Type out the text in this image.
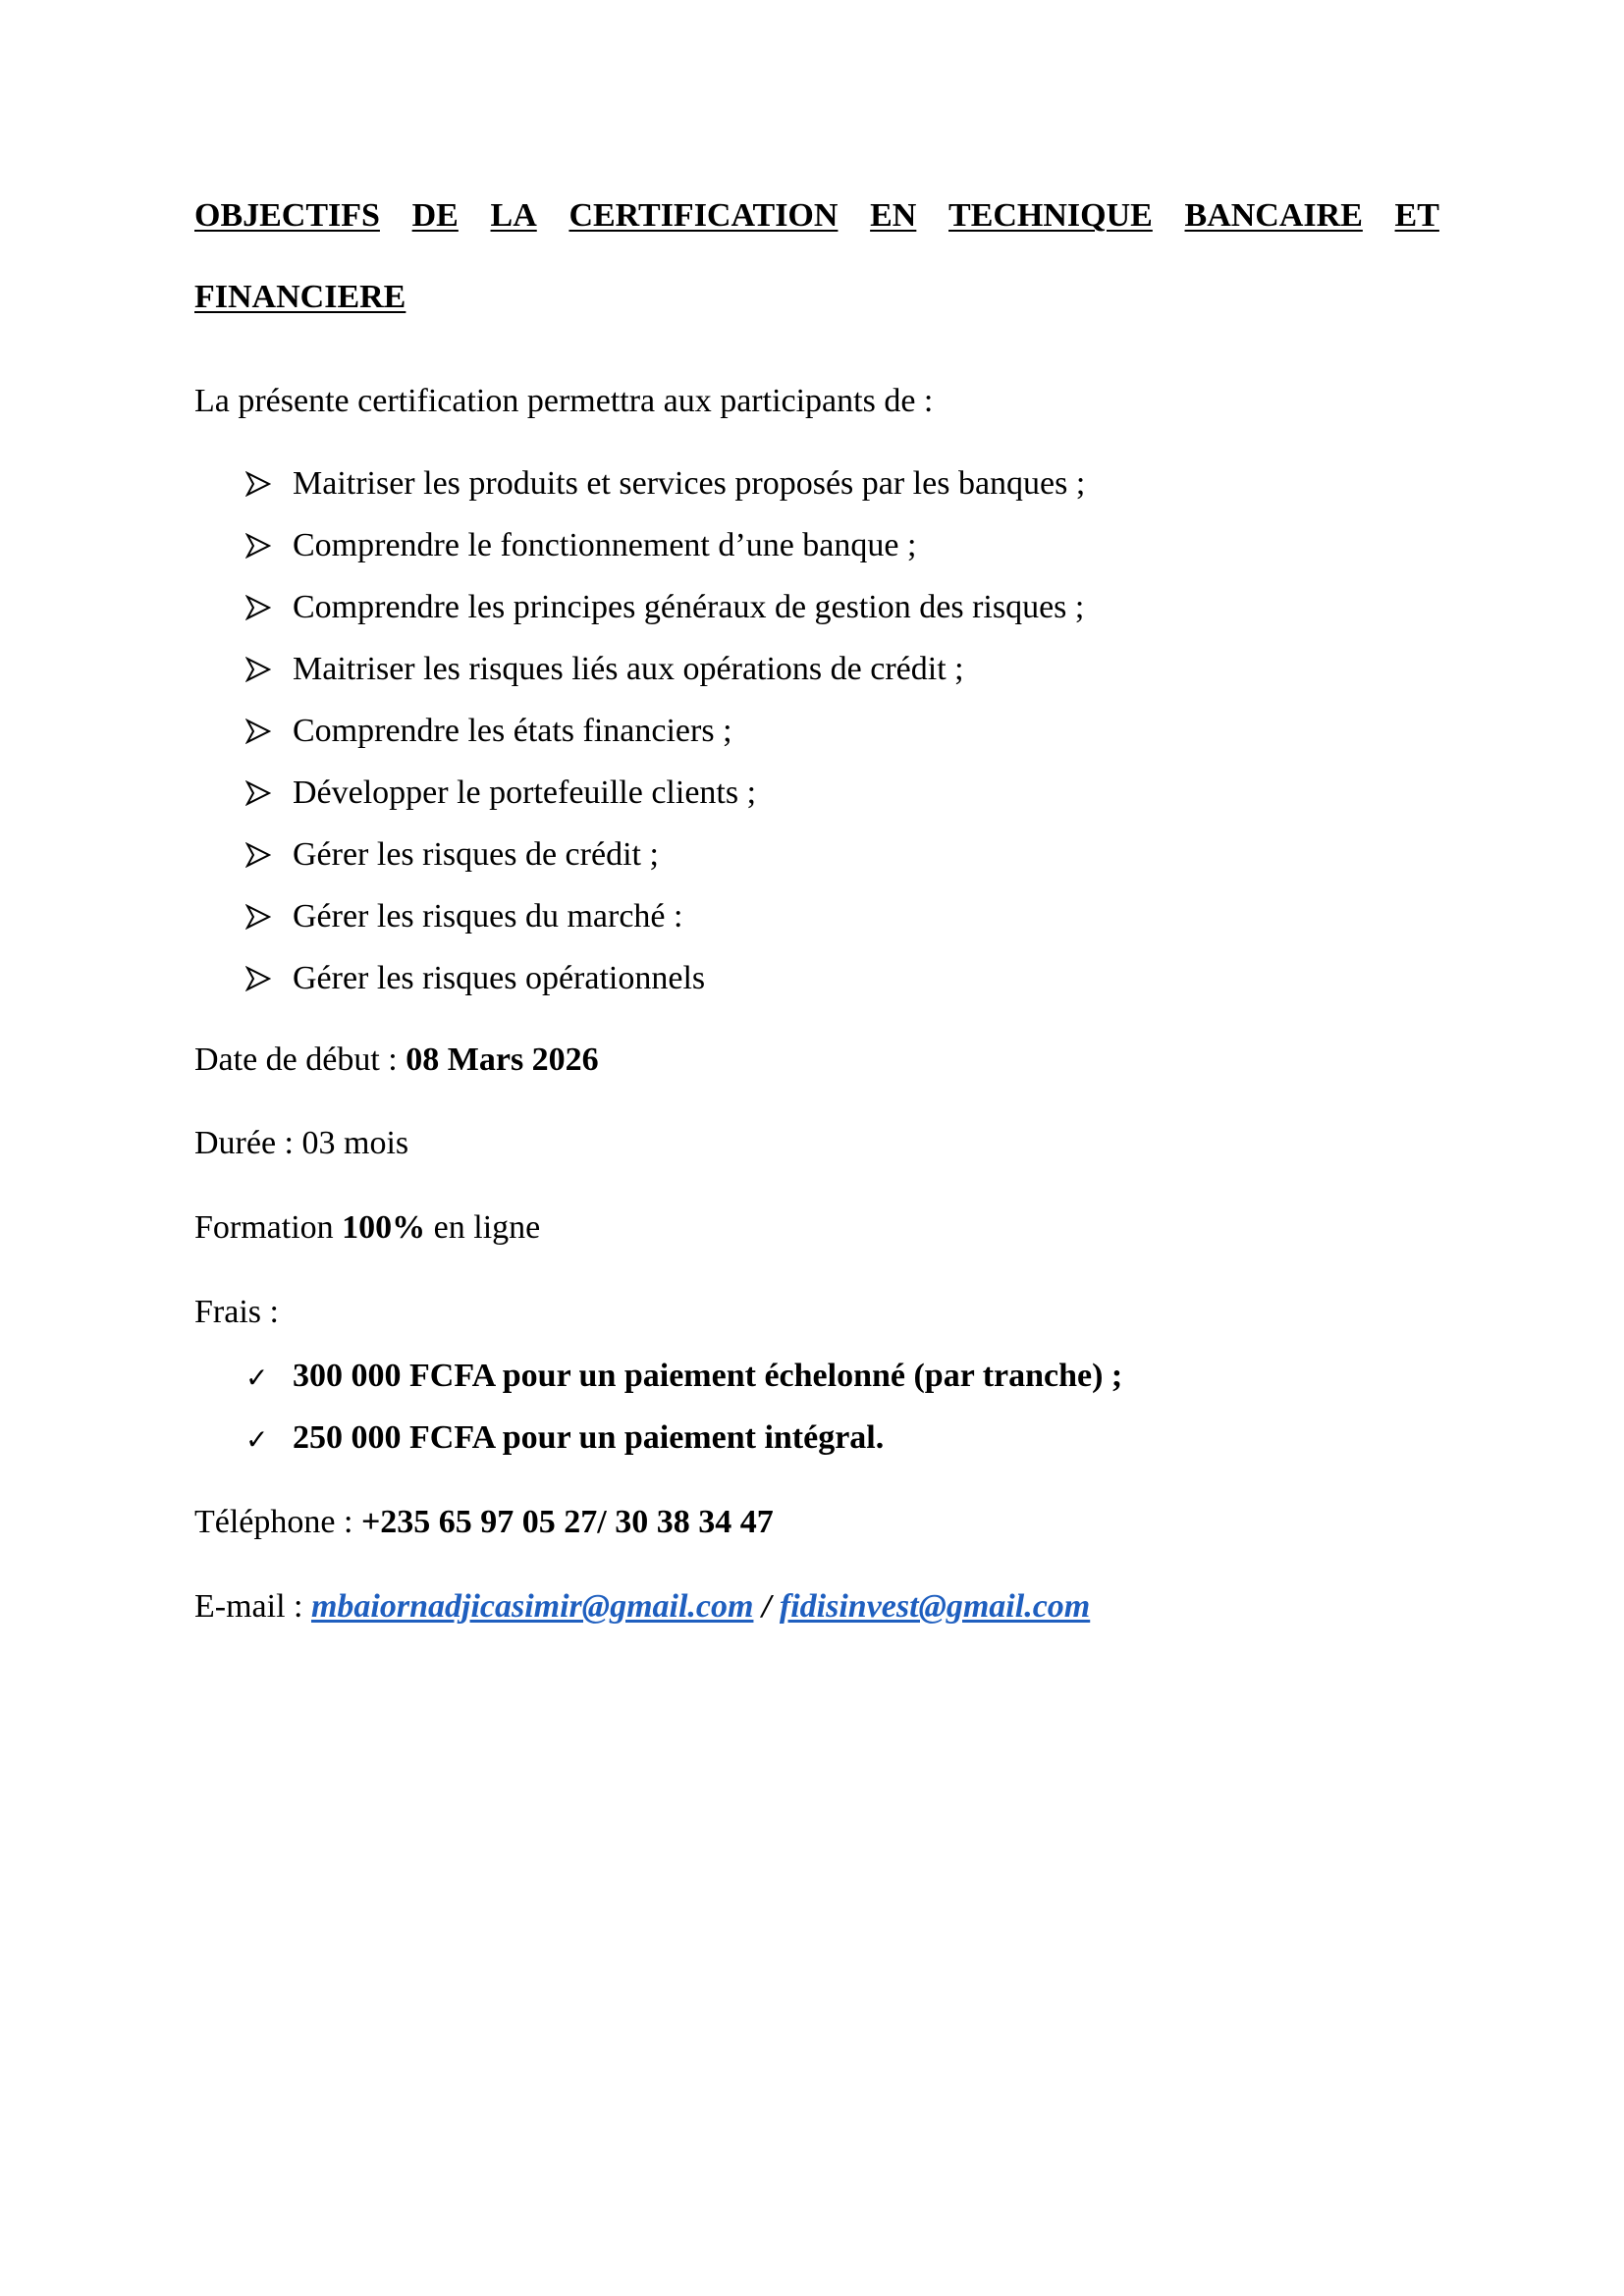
OBJECTIFS DE LA CERTIFICATION EN TECHNIQUE BANCAIRE ET
FINANCIERE
La présente certification permettra aux participants de :
Maitriser les produits et services proposés par les banques ;
Comprendre le fonctionnement d’une banque ;
Comprendre les principes généraux de gestion des risques ;
Maitriser les risques liés aux opérations de crédit ;
Comprendre les états financiers ;
Développer le portefeuille clients ;
Gérer les risques de crédit ;
Gérer les risques du marché :
Gérer les risques opérationnels
Date de début : 08 Mars 2026
Durée : 03 mois
Formation 100% en ligne
Frais :
✓ 300 000 FCFA pour un paiement échelonné (par tranche) ;
✓ 250 000 FCFA pour un paiement intégral.
Téléphone : +235 65 97 05 27/ 30 38 34 47
E-mail : mbaiornadjicasimir@gmail.com / fidisinvest@gmail.com
